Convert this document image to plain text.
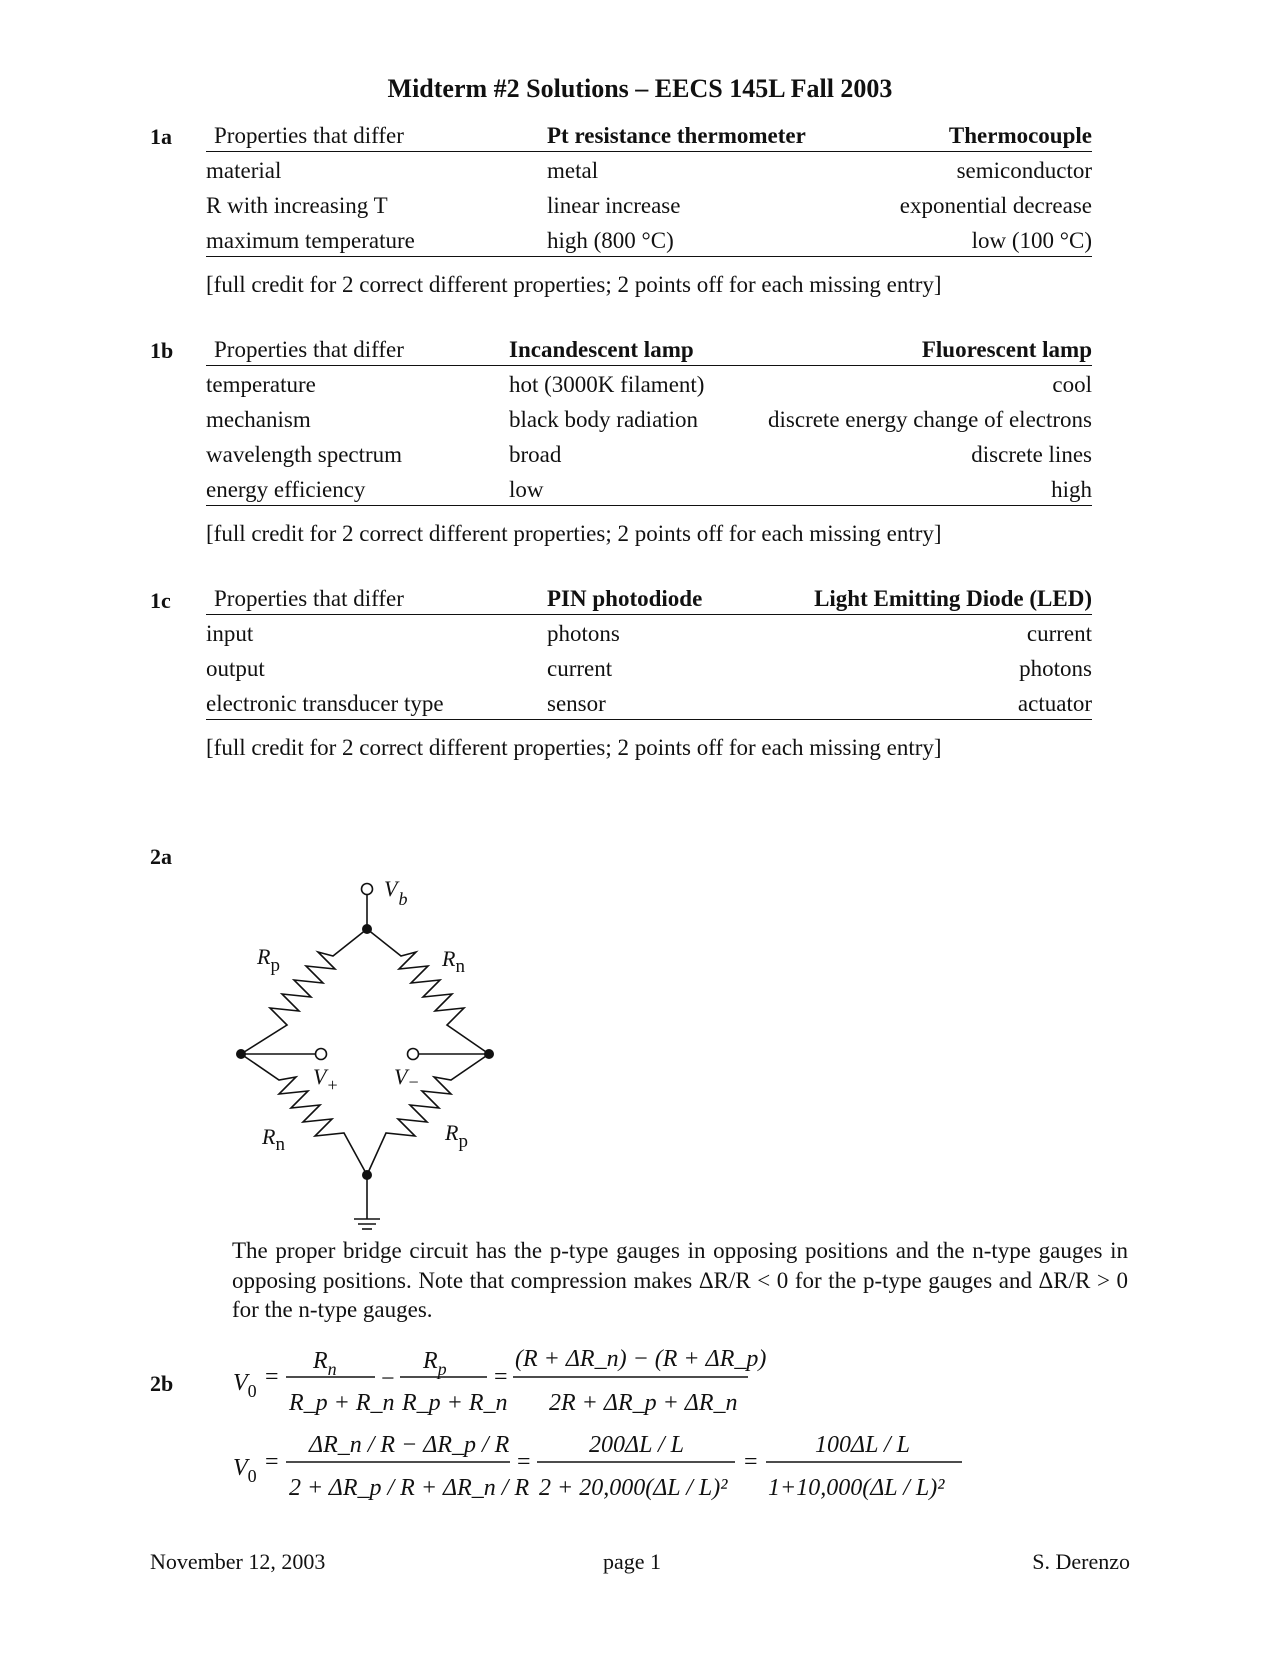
Midterm #2 Solutions – EECS 145L Fall 2003
1a Properties that differ	Pt resistance thermometer	Thermocouple
material	metal	semiconductor
R with increasing T	linear increase	exponential decrease
maximum temperature	high (800 °C)	low (100 °C)
[full credit for 2 correct different properties; 2 points off for each missing entry]
1b Properties that differ	Incandescent lamp	Fluorescent lamp
temperature	hot (3000K filament)	cool
mechanism	black body radiation	discrete energy change of electrons
wavelength spectrum	broad	discrete lines
energy efficiency	low	high
[full credit for 2 correct different properties; 2 points off for each missing entry]
1c Properties that differ	PIN photodiode	Light Emitting Diode (LED)
input	photons	current
output	current	photons
electronic transducer type	sensor	actuator
[full credit for 2 correct different properties; 2 points off for each missing entry]
2a
$V_b$
Rp	Rn
Rn	Rp
$V_+$	V−
The proper bridge circuit has the p-type gauges in opposing positions and the n-type gauges in opposing positions. Note that compression makes ΔR/R < 0 for the p-type gauges and ΔR/R > 0 for the n-type gauges.
2b $V_0$
=
$R_n$
R_p + R_n
−
$R_p$
R_p + R_n
=
(R + ΔR_n) − (R + ΔR_p)
2R + ΔR_p + ΔR_n
$V_0$
=
ΔR_n / R − ΔR_p / R
2 + ΔR_p / R + ΔR_n / R
=
200ΔL / L
2 + 20,000(ΔL / L)²
=
100ΔL / L
1+10,000(ΔL / L)²
November 12, 2003	page 1	S. Derenzo
